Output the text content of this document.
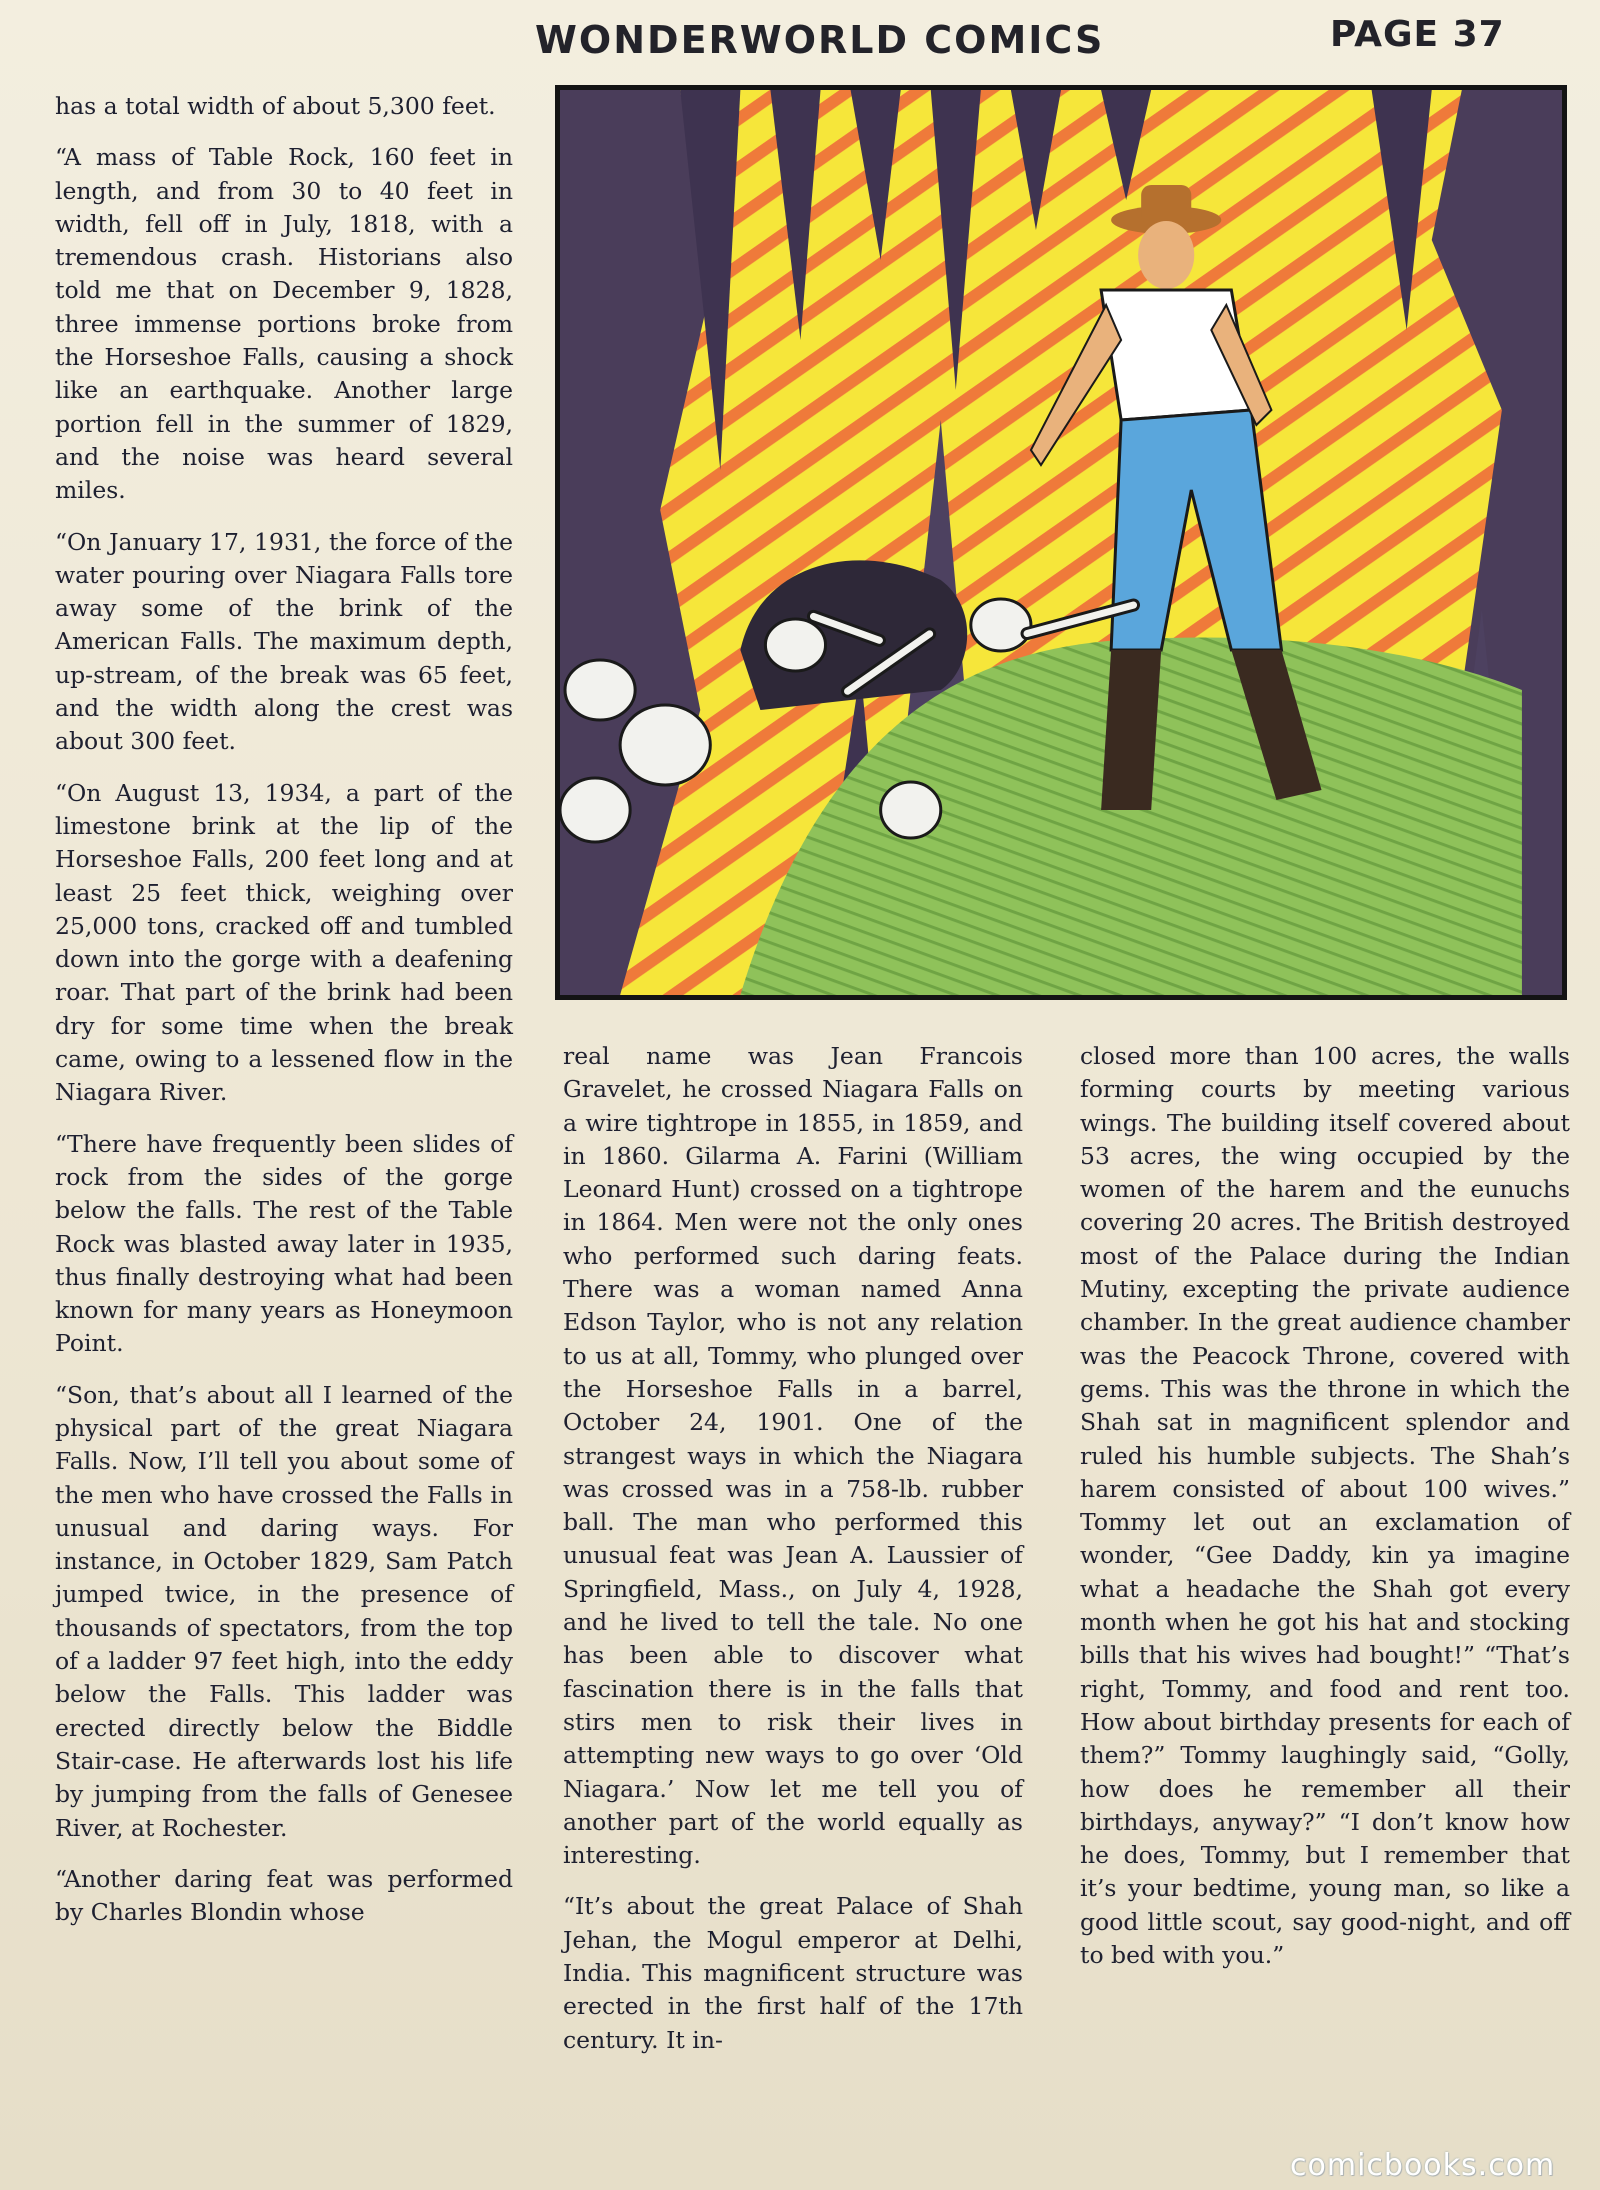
WONDERWORLD COMICS	PAGE 37

has a total width of about 5,300 feet.

“A mass of Table Rock, 160 feet in length, and from 30 to 40 feet in width, fell off in July, 1818, with a tremendous crash. Historians also told me that on December 9, 1828, three immense portions broke from the Horseshoe Falls, causing a shock like an earthquake. Another large portion fell in the summer of 1829, and the noise was heard several miles.

“On January 17, 1931, the force of the water pouring over Niagara Falls tore away some of the brink of the American Falls. The maximum depth, up-stream, of the break was 65 feet, and the width along the crest was about 300 feet.

“On August 13, 1934, a part of the limestone brink at the lip of the Horseshoe Falls, 200 feet long and at least 25 feet thick, weighing over 25,000 tons, cracked off and tumbled down into the gorge with a deafening roar. That part of the brink had been dry for some time when the break came, owing to a lessened flow in the Niagara River.

“There have frequently been slides of rock from the sides of the gorge below the falls. The rest of the Table Rock was blasted away later in 1935, thus finally destroying what had been known for many years as Honeymoon Point.

“Son, that’s about all I learned of the physical part of the great Niagara Falls. Now, I’ll tell you about some of the men who have crossed the Falls in unusual and daring ways. For instance, in October 1829, Sam Patch jumped twice, in the presence of thousands of spectators, from the top of a ladder 97 feet high, into the eddy below the Falls. This ladder was erected directly below the Biddle Stair-case. He afterwards lost his life by jumping from the falls of Genesee River, at Rochester.

“Another daring feat was performed by Charles Blondin whose

real name was Jean Francois Gravelet, he crossed Niagara Falls on a wire tightrope in 1855, in 1859, and in 1860. Gilarma A. Farini (William Leonard Hunt) crossed on a tightrope in 1864. Men were not the only ones who performed such daring feats. There was a woman named Anna Edson Taylor, who is not any relation to us at all, Tommy, who plunged over the Horseshoe Falls in a barrel, October 24, 1901. One of the strangest ways in which the Niagara was crossed was in a 758-lb. rubber ball. The man who performed this unusual feat was Jean A. Laussier of Springfield, Mass., on July 4, 1928, and he lived to tell the tale. No one has been able to discover what fascination there is in the falls that stirs men to risk their lives in attempting new ways to go over ‘Old Niagara.’ Now let me tell you of another part of the world equally as interesting.

“It’s about the great Palace of Shah Jehan, the Mogul emperor at Delhi, India. This magnificent structure was erected in the first half of the 17th century. It in-

closed more than 100 acres, the walls forming courts by meeting various wings. The building itself covered about 53 acres, the wing occupied by the women of the harem and the eunuchs covering 20 acres. The British destroyed most of the Palace during the Indian Mutiny, excepting the private audience chamber. In the great audience chamber was the Peacock Throne, covered with gems. This was the throne in which the Shah sat in magnificent splendor and ruled his humble subjects. The Shah’s harem consisted of about 100 wives.” Tommy let out an exclamation of wonder, “Gee Daddy, kin ya imagine what a headache the Shah got every month when he got his hat and stocking bills that his wives had bought!” “That’s right, Tommy, and food and rent too. How about birthday presents for each of them?” Tommy laughingly said, “Golly, how does he remember all their birthdays, anyway?” “I don’t know how he does, Tommy, but I remember that it’s your bedtime, young man, so like a good little scout, say good-night, and off to bed with you.”

comicbooks.com
